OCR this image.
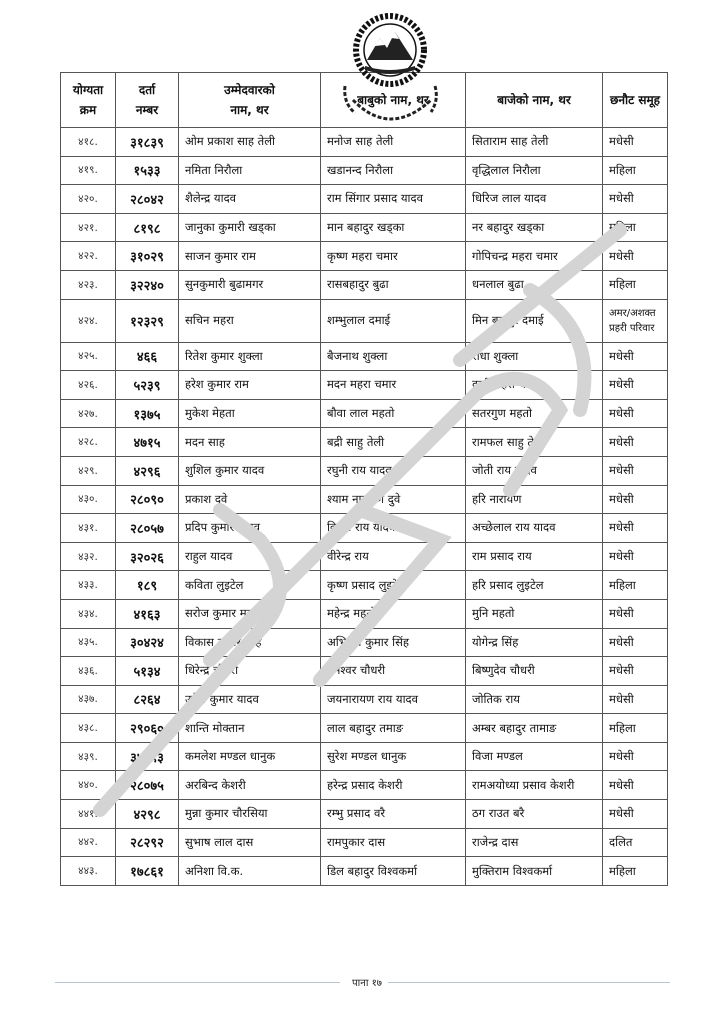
योग्यता
क्रम	दर्ता
नम्बर	उम्मेदवारको
नाम, थर	बाबुको नाम, थर	बाजेको नाम, थर	छनौट समूह

४१८.	३१८३९	ओम प्रकाश साह तेली	मनोज साह तेली	सिताराम साह तेली	मधेसी
४१९.	१५३३	नमिता निरौला	खडानन्द निरौला	वृद्धिलाल निरौला	महिला
४२०.	२८०४२	शैलेन्द्र यादव	राम सिंगार प्रसाद यादव	धिरिज लाल यादव	मधेसी
४२१.	८१९८	जानुका कुमारी खड्का	मान बहादुर खड्का	नर बहादुर खड्का	महिला
४२२.	३१०२९	साजन कुमार राम	कृष्ण महरा चमार	गोपिचन्द्र महरा चमार	मधेसी
४२३.	३२२४०	सुनकुमारी बुढामगर	रासबहादुर बुढा	धनलाल बुढा	महिला
४२४.	१२३२९	सचिन महरा	शम्भुलाल दमाई	मिन बहादुर दमाई	अमर/अशक्त
प्रहरी परिवार

४२५.	४६६	रितेश कुमार शुक्ला	बैजनाथ शुक्ला	राधा शुक्ला	मधेसी
४२६.	५२३९	हरेश कुमार राम	मदन महरा चमार	दुखी महरा चमार	मधेसी
४२७.	१३७५	मुकेश मेहता	बौवा लाल महतो	सतरगुण महतो	मधेसी
४२८.	४७१५	मदन साह	बद्री साहु तेली	रामफल साहु तेली	मधेसी
४२९.	४२९६	शुशिल कुमार यादव	रघुनी राय यादव	जोती राय यादव	मधेसी
४३०.	२८०९०	प्रकाश दुवे	श्याम नारायण दुवे	हरि नारायण	मधेसी
४३१.	२८०५७	प्रदिप कुमार यादव	विजन राय यादव	अच्छेलाल राय यादव	मधेसी
४३२.	३२०२६	राहुल यादव	वीरेन्द्र राय	राम प्रसाद राय	मधेसी
४३३.	१८९	कविता लुइटेल	कृष्ण प्रसाद लुइटेल	हरि प्रसाद लुइटेल	महिला
४३४.	४१६३	सरोज कुमार महतो	महेन्द्र महतो	मुनि महतो	मधेसी
४३५.	३०४२४	विकास कुमार सिंह	अभिराम कुमार सिंह	योगेन्द्र सिंह	मधेसी
४३६.	५१३४	धिरेन्द्र चौधरी	प्रमेश्वर चौधरी	बिष्णुदेव चौधरी	मधेसी
४३७.	८२६४	उमेश कुमार यादव	जयनारायण राय यादव	जोतिक राय	मधेसी
४३८.	२९०६०	शान्ति मोक्तान	लाल बहादुर तमाङ	अम्बर बहादुर तामाङ	महिला
४३९.	३४१९३	कमलेश मण्डल धानुक	सुरेश मण्डल धानुक	विजा मण्डल	मधेसी
४४०.	२८०७५	अरबिन्द केशरी	हरेन्द्र प्रसाद केशरी	रामअयोध्या प्रसाव केशरी	मधेसी
४४१.	४२९८	मुन्ना कुमार चौरसिया	रम्भु प्रसाद वरै	ठग राउत बरै	मधेसी
४४२.	२८२९२	सुभाष लाल दास	रामपुकार दास	राजेन्द्र दास	दलित
४४३.	१७८६१	अनिशा वि.क.	डिल बहादुर विश्वकर्मा	मुक्तिराम विश्वकर्मा	महिला
पाना १७
